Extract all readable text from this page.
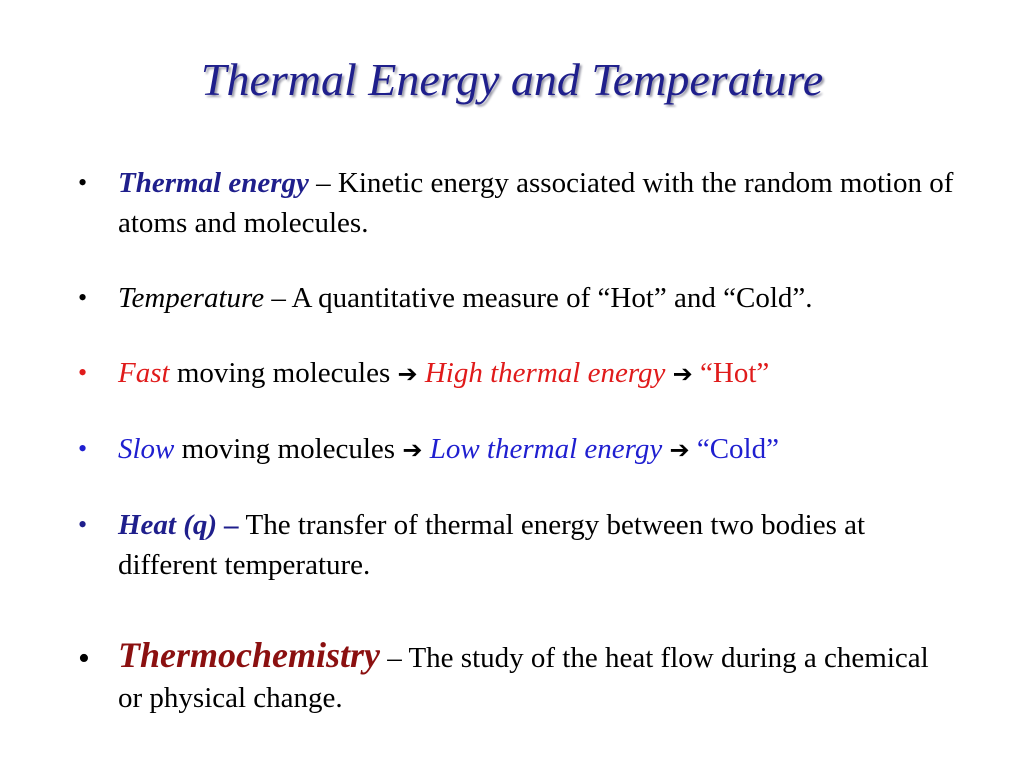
Thermal Energy and Temperature
• Thermal energy – Kinetic energy associated with the random motion of atoms and molecules.
• Temperature – A quantitative measure of “Hot” and “Cold”.
• Fast moving molecules ➔ High thermal energy ➔ “Hot”
• Slow moving molecules ➔ Low thermal energy ➔ “Cold”
• Heat (q) – The transfer of thermal energy between two bodies at different temperature.
• Thermochemistry – The study of the heat flow during a chemical or physical change.
